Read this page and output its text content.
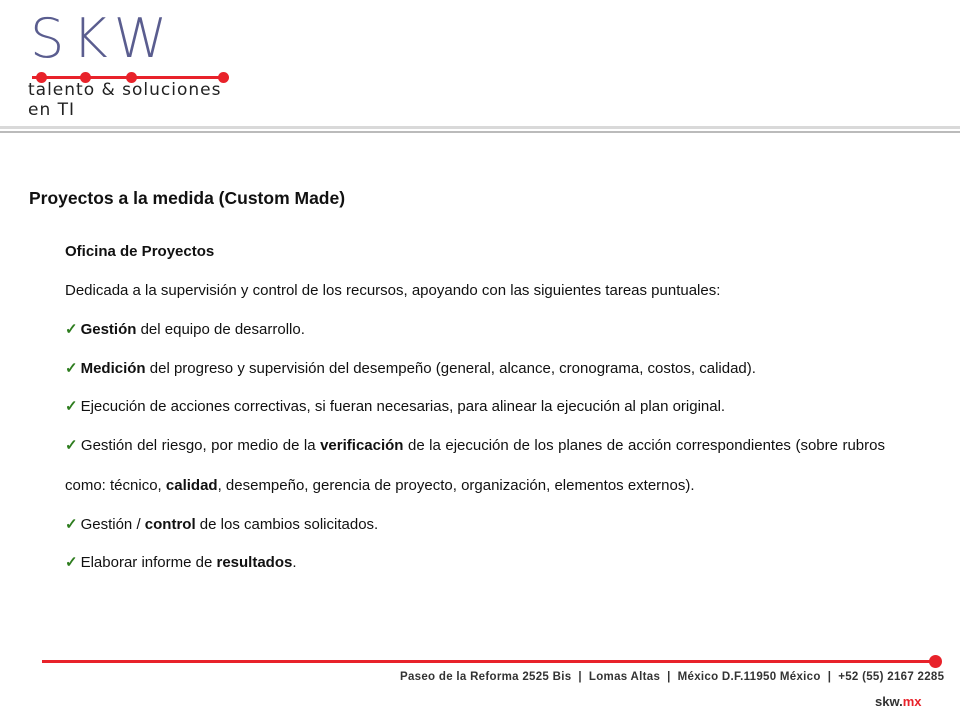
SKW
talento & soluciones en TI
Proyectos a la medida (Custom Made)
Oficina de Proyectos
Dedicada a la supervisión y control de los recursos, apoyando con las siguientes tareas puntuales:
✓ Gestión del equipo de desarrollo.
✓ Medición del progreso y supervisión del desempeño (general, alcance, cronograma, costos, calidad).
✓ Ejecución de acciones correctivas, si fueran necesarias, para alinear la ejecución al plan original.
✓ Gestión del riesgo, por medio de la verificación de la ejecución de los planes de acción correspondientes (sobre rubros como: técnico, calidad, desempeño, gerencia de proyecto, organización, elementos externos).
✓ Gestión / control de los cambios solicitados.
✓ Elaborar informe de resultados.
Paseo de la Reforma 2525 Bis  |  Lomas Altas  |  México D.F.11950 México  |  +52 (55) 2167 2285
skw.mx
